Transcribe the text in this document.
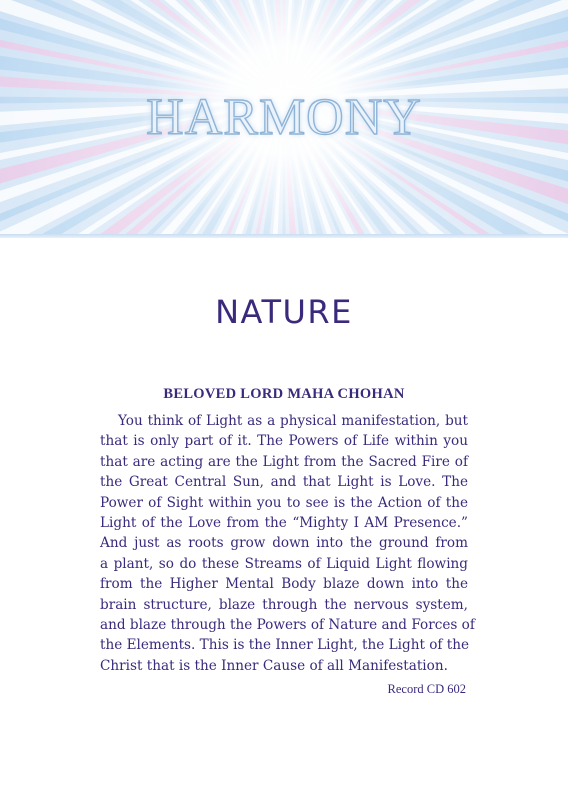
HARMONY
NATURE
BELOVED LORD MAHA CHOHAN
You think of Light as a physical manifestation, but
that is only part of it. The Powers of Life within you
that are acting are the Light from the Sacred Fire of
the Great Central Sun, and that Light is Love. The
Power of Sight within you to see is the Action of the
Light of the Love from the “Mighty I AM Presence.”
And just as roots grow down into the ground from
a plant, so do these Streams of Liquid Light flowing
from the Higher Mental Body blaze down into the
brain structure, blaze through the nervous system,
and blaze through the Powers of Nature and Forces of
the Elements. This is the Inner Light, the Light of the
Christ that is the Inner Cause of all Manifestation.
Record CD 602
